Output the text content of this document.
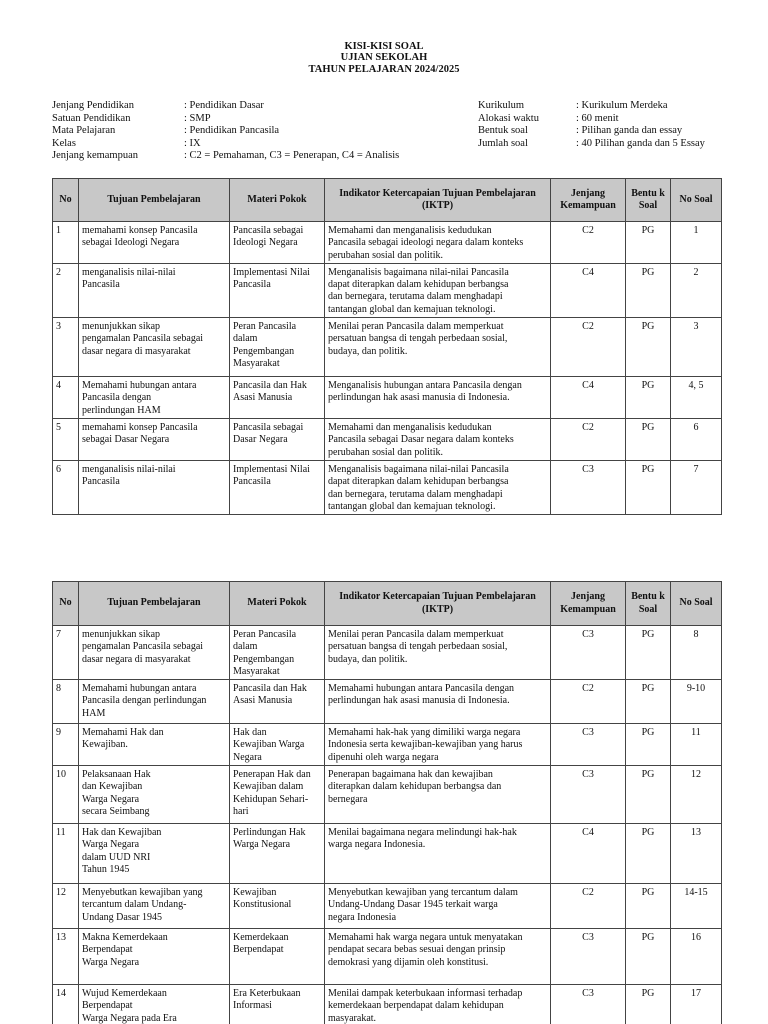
KISI-KISI SOAL
UJIAN SEKOLAH
TAHUN PELAJARAN 2024/2025
Jenjang Pendidikan	: Pendidikan Dasar
Satuan Pendidikan	: SMP
Mata Pelajaran	: Pendidikan Pancasila
Kelas	: IX
Jenjang kemampuan	: C2 = Pemahaman, C3 = Penerapan, C4 = Analisis
Kurikulum	: Kurikulum Merdeka
Alokasi waktu	: 60 menit
Bentuk soal	: Pilihan ganda dan essay
Jumlah soal	: 40 Pilihan ganda dan 5 Essay
No	Tujuan Pembelajaran	Materi Pokok	Indikator Ketercapaian Tujuan Pembelajaran (IKTP)	Jenjang Kemampuan	Bentu k Soal	No Soal
1	memahami konsep Pancasila
sebagai Ideologi Negara	Pancasila sebagai
Ideologi Negara	Memahami dan menganalisis kedudukan
Pancasila sebagai ideologi negara dalam konteks
perubahan sosial dan politik.	C2	PG	1
2	menganalisis nilai-nilai
Pancasila	Implementasi Nilai
Pancasila	Menganalisis bagaimana nilai-nilai Pancasila
dapat diterapkan dalam kehidupan berbangsa
dan bernegara, terutama dalam menghadapi
tantangan global dan kemajuan teknologi.	C4	PG	2
3	menunjukkan sikap
pengamalan Pancasila sebagai
dasar negara di masyarakat	Peran Pancasila
dalam
Pengembangan
Masyarakat	Menilai peran Pancasila dalam memperkuat
persatuan bangsa di tengah perbedaan sosial,
budaya, dan politik.	C2	PG	3
4	Memahami hubungan antara
Pancasila dengan
perlindungan HAM	Pancasila dan Hak
Asasi Manusia	Menganalisis hubungan antara Pancasila dengan
perlindungan hak asasi manusia di Indonesia.	C4	PG	4, 5
5	memahami konsep Pancasila
sebagai Dasar Negara	Pancasila sebagai
Dasar Negara	Memahami dan menganalisis kedudukan
Pancasila sebagai Dasar negara dalam konteks
perubahan sosial dan politik.	C2	PG	6
6	menganalisis nilai-nilai
Pancasila	Implementasi Nilai
Pancasila	Menganalisis bagaimana nilai-nilai Pancasila
dapat diterapkan dalam kehidupan berbangsa
dan bernegara, terutama dalam menghadapi
tantangan global dan kemajuan teknologi.	C3	PG	7
No	Tujuan Pembelajaran	Materi Pokok	Indikator Ketercapaian Tujuan Pembelajaran (IKTP)	Jenjang Kemampuan	Bentu k Soal	No Soal
7	menunjukkan sikap
pengamalan Pancasila sebagai
dasar negara di masyarakat	Peran Pancasila
dalam
Pengembangan
Masyarakat	Menilai peran Pancasila dalam memperkuat
persatuan bangsa di tengah perbedaan sosial,
budaya, dan politik.	C3	PG	8
8	Memahami hubungan antara
Pancasila dengan perlindungan
HAM	Pancasila dan Hak
Asasi Manusia	Memahami hubungan antara Pancasila dengan
perlindungan hak asasi manusia di Indonesia.	C2	PG	9-10
9	Memahami Hak dan
Kewajiban.	Hak dan
Kewajiban Warga
Negara	Memahami hak-hak yang dimiliki warga negara
Indonesia serta kewajiban-kewajiban yang harus
dipenuhi oleh warga negara	C3	PG	11
10	Pelaksanaan Hak
dan Kewajiban
Warga Negara
secara Seimbang	Penerapan Hak dan
Kewajiban dalam
Kehidupan Sehari-
hari	Penerapan bagaimana hak dan kewajiban
diterapkan dalam kehidupan berbangsa dan
bernegara	C3	PG	12
11	Hak dan Kewajiban
Warga Negara
dalam UUD NRI
Tahun 1945	Perlindungan Hak
Warga Negara	Menilai bagaimana negara melindungi hak-hak
warga negara Indonesia.	C4	PG	13
12	Menyebutkan kewajiban yang
tercantum dalam Undang-
Undang Dasar 1945	Kewajiban
Konstitusional	Menyebutkan kewajiban yang tercantum dalam
Undang-Undang Dasar 1945 terkait warga
negara Indonesia	C2	PG	14-15
13	Makna Kemerdekaan
Berpendapat
Warga Negara	Kemerdekaan
Berpendapat	Memahami hak warga negara untuk menyatakan
pendapat secara bebas sesuai dengan prinsip
demokrasi yang dijamin oleh konstitusi.	C3	PG	16
14	Wujud Kemerdekaan
Berpendapat
Warga Negara pada Era	Era Keterbukaan
Informasi	Menilai dampak keterbukaan informasi terhadap
kemerdekaan berpendapat dalam kehidupan
masyarakat.	C3	PG	17
